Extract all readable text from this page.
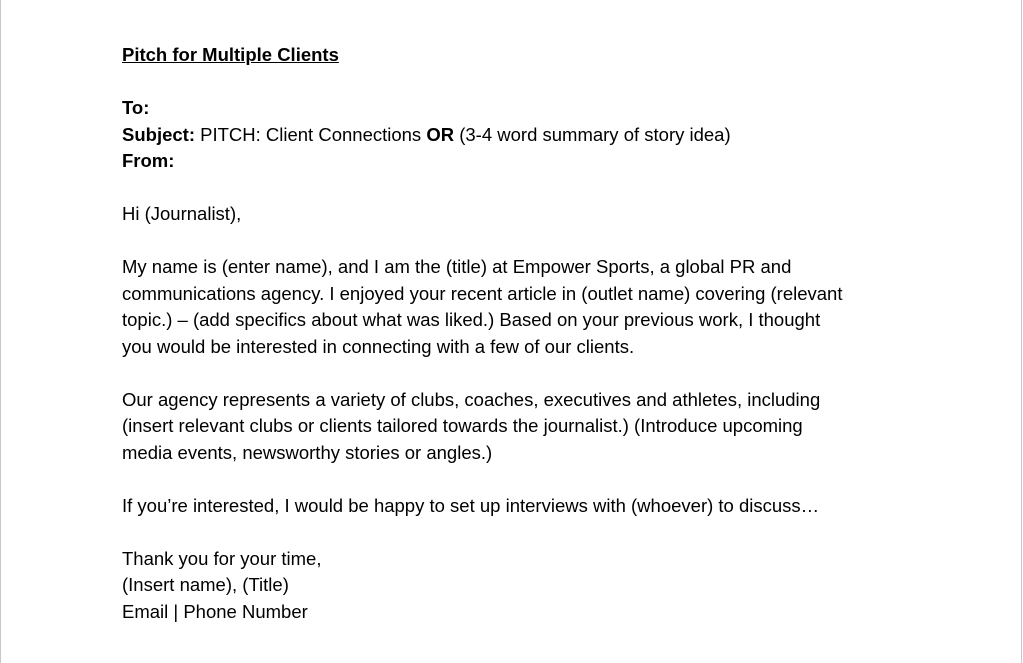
Pitch for Multiple Clients

To:

Subject: PITCH: Client Connections OR (3-4 word summary of story idea)

From:

Hi (Journalist),

My name is (enter name), and I am the (title) at Empower Sports, a global PR and

communications agency. I enjoyed your recent article in (outlet name) covering (relevant

topic.) – (add specifics about what was liked.) Based on your previous work, I thought

you would be interested in connecting with a few of our clients.

Our agency represents a variety of clubs, coaches, executives and athletes, including

(insert relevant clubs or clients tailored towards the journalist.) (Introduce upcoming

media events, newsworthy stories or angles.)

If you’re interested, I would be happy to set up interviews with (whoever) to discuss…

Thank you for your time,

(Insert name), (Title)

Email | Phone Number
